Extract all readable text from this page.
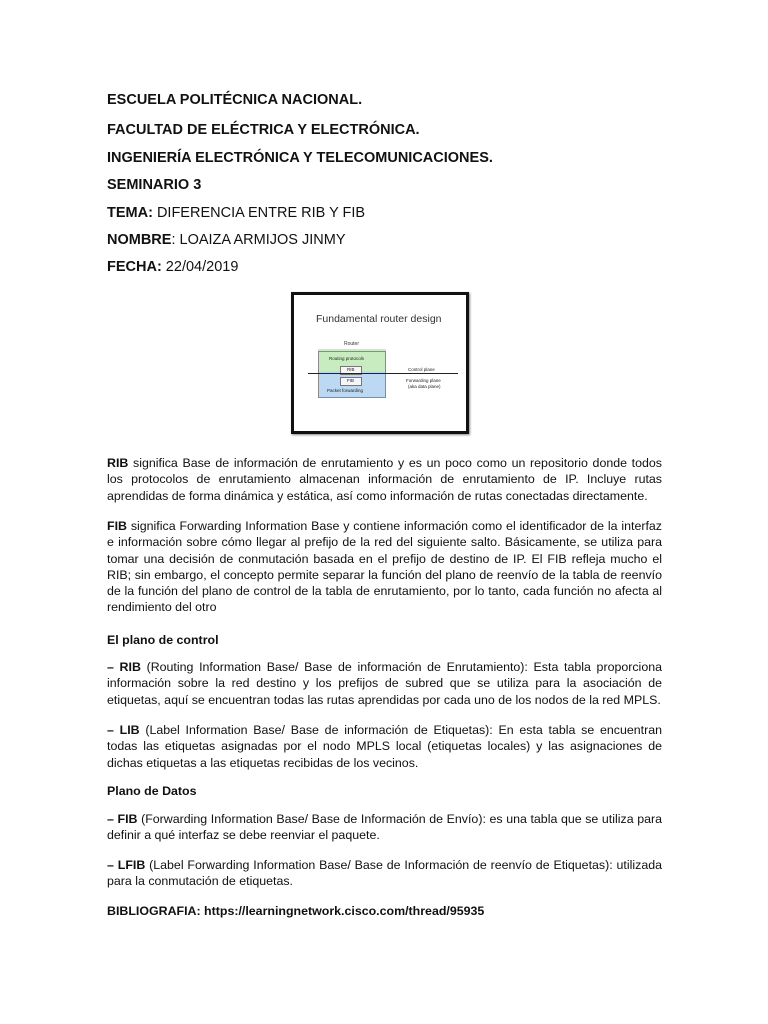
ESCUELA POLITÉCNICA NACIONAL.
FACULTAD DE ELÉCTRICA Y ELECTRÓNICA.
INGENIERÍA ELECTRÓNICA Y TELECOMUNICACIONES.
SEMINARIO 3
TEMA: DIFERENCIA ENTRE RIB Y FIB
NOMBRE: LOAIZA ARMIJOS JINMY
FECHA: 22/04/2019
Fundamental router design
Router
Routing protocols
RIB
FIB
Packet forwarding
Control plane
Forwarding plane
(aka data plane)
RIB significa Base de información de enrutamiento y es un poco como un repositorio donde todos los protocolos de enrutamiento almacenan información de enrutamiento de IP. Incluye rutas aprendidas de forma dinámica y estática, así como información de rutas conectadas directamente.
FIB significa Forwarding Information Base y contiene información como el identificador de la interfaz e información sobre cómo llegar al prefijo de la red del siguiente salto. Básicamente, se utiliza para tomar una decisión de conmutación basada en el prefijo de destino de IP. El FIB refleja mucho el RIB; sin embargo, el concepto permite separar la función del plano de reenvío de la tabla de reenvío de la función del plano de control de la tabla de enrutamiento, por lo tanto, cada función no afecta al rendimiento del otro
El plano de control
– RIB (Routing Information Base/ Base de información de Enrutamiento): Esta tabla proporciona información sobre la red destino y los prefijos de subred que se utiliza para la asociación de etiquetas, aquí se encuentran todas las rutas aprendidas por cada uno de los nodos de la red MPLS.
– LIB (Label Information Base/ Base de información de Etiquetas): En esta tabla se encuentran todas las etiquetas asignadas por el nodo MPLS local (etiquetas locales) y las asignaciones de dichas etiquetas a las etiquetas recibidas de los vecinos.
Plano de Datos
– FIB (Forwarding Information Base/ Base de Información de Envío): es una tabla que se utiliza para definir a qué interfaz se debe reenviar el paquete.
– LFIB (Label Forwarding Information Base/ Base de Información de reenvío de Etiquetas): utilizada para la conmutación de etiquetas.
BIBLIOGRAFIA: https://learningnetwork.cisco.com/thread/95935
